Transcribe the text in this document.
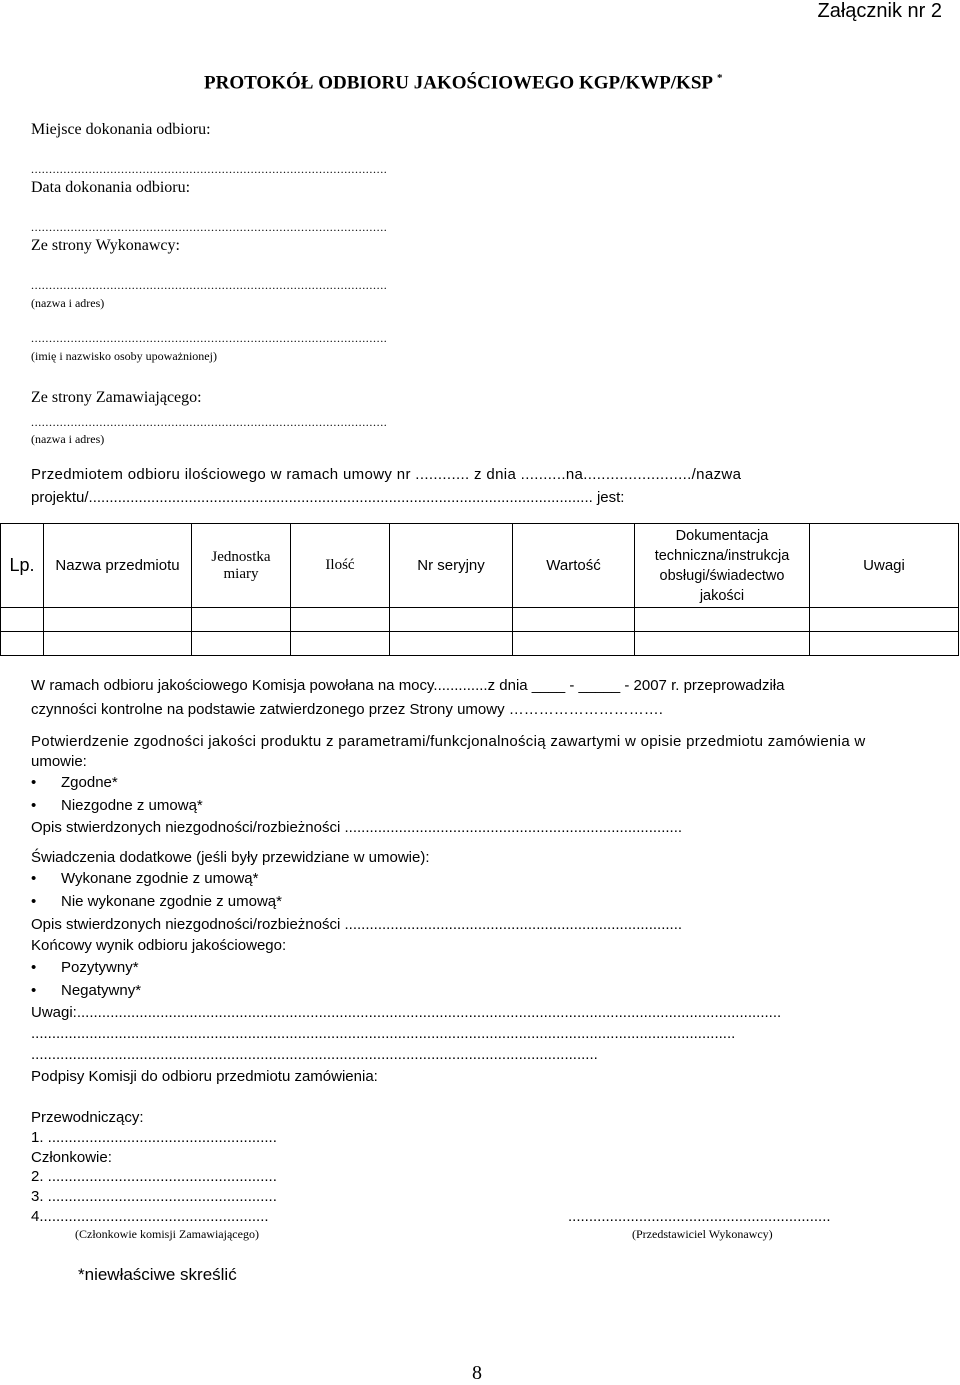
Załącznik nr 2
PROTOKÓŁ ODBIORU JAKOŚCIOWEGO KGP/KWP/KSP *
Miejsce dokonania odbioru:
...................................................................................................
Data dokonania odbioru:
...................................................................................................
Ze strony Wykonawcy:
...................................................................................................
(nazwa i adres)
...................................................................................................
(imię i nazwisko osoby upoważnionej)
Ze strony Zamawiającego:
...................................................................................................
(nazwa i adres)
Przedmiotem odbioru ilościowego w ramach umowy nr ............ z dnia ..........na......................../nazwa
projektu/......................................................................................................................... jest:
Lp.	Nazwa przedmiotu	Jednostka miary	Ilość	Nr seryjny	Wartość	Dokumentacja techniczna/instrukcja obsługi/świadectwo jakości	Uwagi

W ramach odbioru jakościowego Komisja powołana na mocy.............z dnia ____ - _____ - 2007 r. przeprowadziła
czynności kontrolne na podstawie zatwierdzonego przez Strony umowy ………………………….
Potwierdzenie zgodności jakości produktu z parametrami/funkcjonalnością zawartymi w opisie przedmiotu zamówienia w
umowie:
• Zgodne*
• Niezgodne z umową*
Opis stwierdzonych niezgodności/rozbieżności .................................................................................
Świadczenia dodatkowe (jeśli były przewidziane w umowie):
• Wykonane zgodnie z umową*
• Nie wykonane zgodnie z umową*
Opis stwierdzonych niezgodności/rozbieżności .................................................................................
Końcowy wynik odbioru jakościowego:
• Pozytywny*
• Negatywny*
Uwagi:.........................................................................................................................................................................
.........................................................................................................................................................................
........................................................................................................................................
Podpisy Komisji do odbioru przedmiotu zamówienia:
Przewodniczący:
1. .......................................................
Członkowie:
2. .......................................................
3. .......................................................
4.......................................................	...............................................................
(Członkowie komisji Zamawiającego)	(Przedstawiciel Wykonawcy)
*niewłaściwe skreślić
8
